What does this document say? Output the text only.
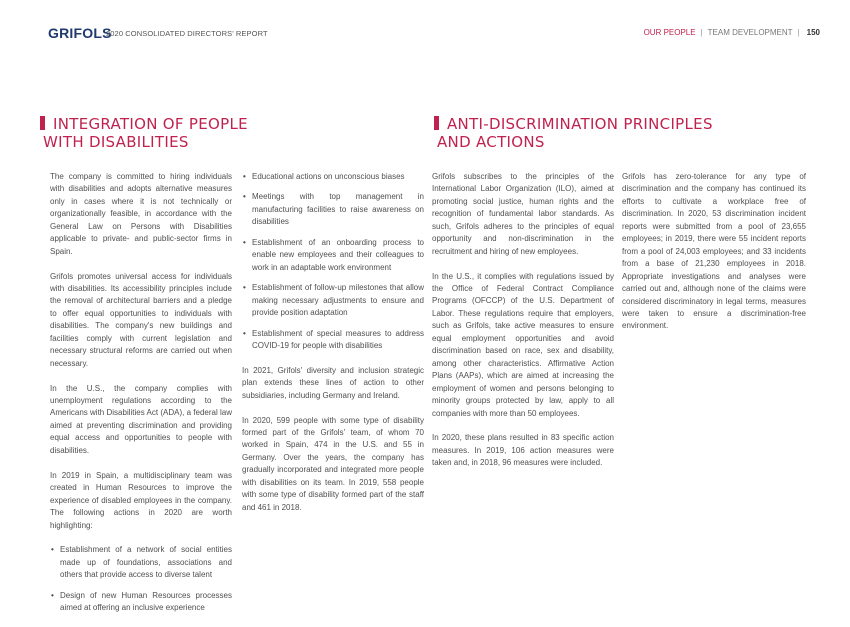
GRIFOLS
2020 CONSOLIDATED DIRECTORS' REPORT	OUR PEOPLE | TEAM DEVELOPMENT | 150
INTEGRATION OF PEOPLE
WITH DISABILITIES
ANTI-DISCRIMINATION PRINCIPLES
AND ACTIONS

The company is committed to hiring individuals with disabilities and adopts alternative measures only in cases where it is not technically or organizationally feasible, in accordance with the General Law on Persons with Disabilities applicable to private- and public-sector firms in Spain.

Grifols promotes universal access for individuals with disabilities. Its accessibility principles include the removal of architectural barriers and a pledge to offer equal opportunities to individuals with disabilities. The company's new buildings and facilities comply with current legislation and necessary structural reforms are carried out when necessary.

In the U.S., the company complies with unemployment regulations according to the Americans with Disabilities Act (ADA), a federal law aimed at preventing discrimination and providing equal access and opportunities to people with disabilities.

In 2019 in Spain, a multidisciplinary team was created in Human Resources to improve the experience of disabled employees in the company. The following actions in 2020 are worth highlighting:

• Establishment of a network of social entities made up of foundations, associations and others that provide access to diverse talent
• Design of new Human Resources processes aimed at offering an inclusive experience
• Educational actions on unconscious biases
• Meetings with top management in manufacturing facilities to raise awareness on disabilities
• Establishment of an onboarding process to enable new employees and their colleagues to work in an adaptable work environment
• Establishment of follow-up milestones that allow making necessary adjustments to ensure and provide position adaptation
• Establishment of special measures to address COVID-19 for people with disabilities

In 2021, Grifols' diversity and inclusion strategic plan extends these lines of action to other subsidiaries, including Germany and Ireland.

In 2020, 599 people with some type of disability formed part of the Grifols' team, of whom 70 worked in Spain, 474 in the U.S. and 55 in Germany. Over the years, the company has gradually incorporated and integrated more people with disabilities on its team. In 2019, 558 people with some type of disability formed part of the staff and 461 in 2018.

Grifols subscribes to the principles of the International Labor Organization (ILO), aimed at promoting social justice, human rights and the recognition of fundamental labor standards. As such, Grifols adheres to the principles of equal opportunity and non-discrimination in the recruitment and hiring of new employees.

In the U.S., it complies with regulations issued by the Office of Federal Contract Compliance Programs (OFCCP) of the U.S. Department of Labor. These regulations require that employers, such as Grifols, take active measures to ensure equal employment opportunities and avoid discrimination based on race, sex and disability, among other characteristics. Affirmative Action Plans (AAPs), which are aimed at increasing the employment of women and persons belonging to minority groups protected by law, apply to all companies with more than 50 employees.

In 2020, these plans resulted in 83 specific action measures. In 2019, 106 action measures were taken and, in 2018, 96 measures were included.

Grifols has zero-tolerance for any type of discrimination and the company has continued its efforts to cultivate a workplace free of discrimination. In 2020, 53 discrimination incident reports were submitted from a pool of 23,655 employees; in 2019, there were 55 incident reports from a pool of 24,003 employees; and 33 incidents from a base of 21,230 employees in 2018. Appropriate investigations and analyses were carried out and, although none of the claims were considered discriminatory in legal terms, measures were taken to ensure a discrimination-free environment.
